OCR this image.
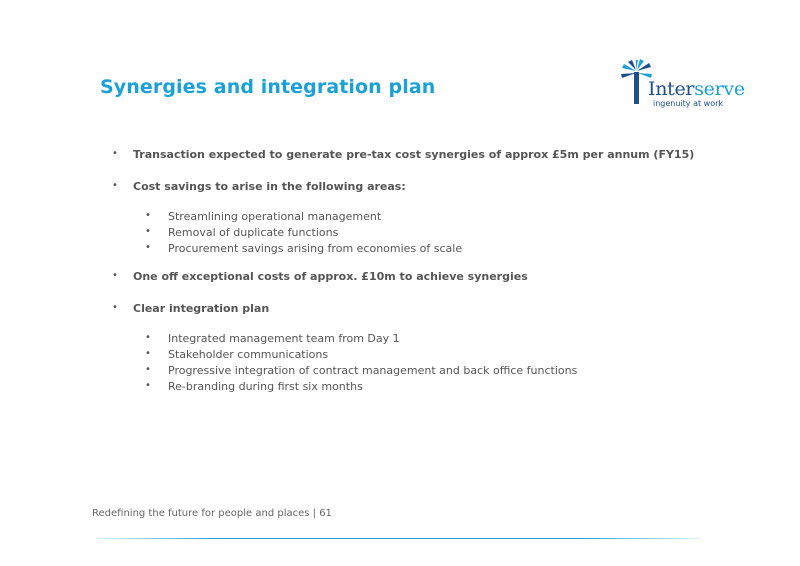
Synergies and integration plan	Interserve
ingenuity at work
•	Transaction expected to generate pre-tax cost synergies of approx £5m per annum (FY15)
•	Cost savings to arise in the following areas:
•	Streamlining operational management
•	Removal of duplicate functions
•	Procurement savings arising from economies of scale
•	One off exceptional costs of approx. £10m to achieve synergies
•	Clear integration plan
•	Integrated management team from Day 1
•	Stakeholder communications
•	Progressive integration of contract management and back office functions
•	Re-branding during first six months
Redefining the future for people and places | 61
